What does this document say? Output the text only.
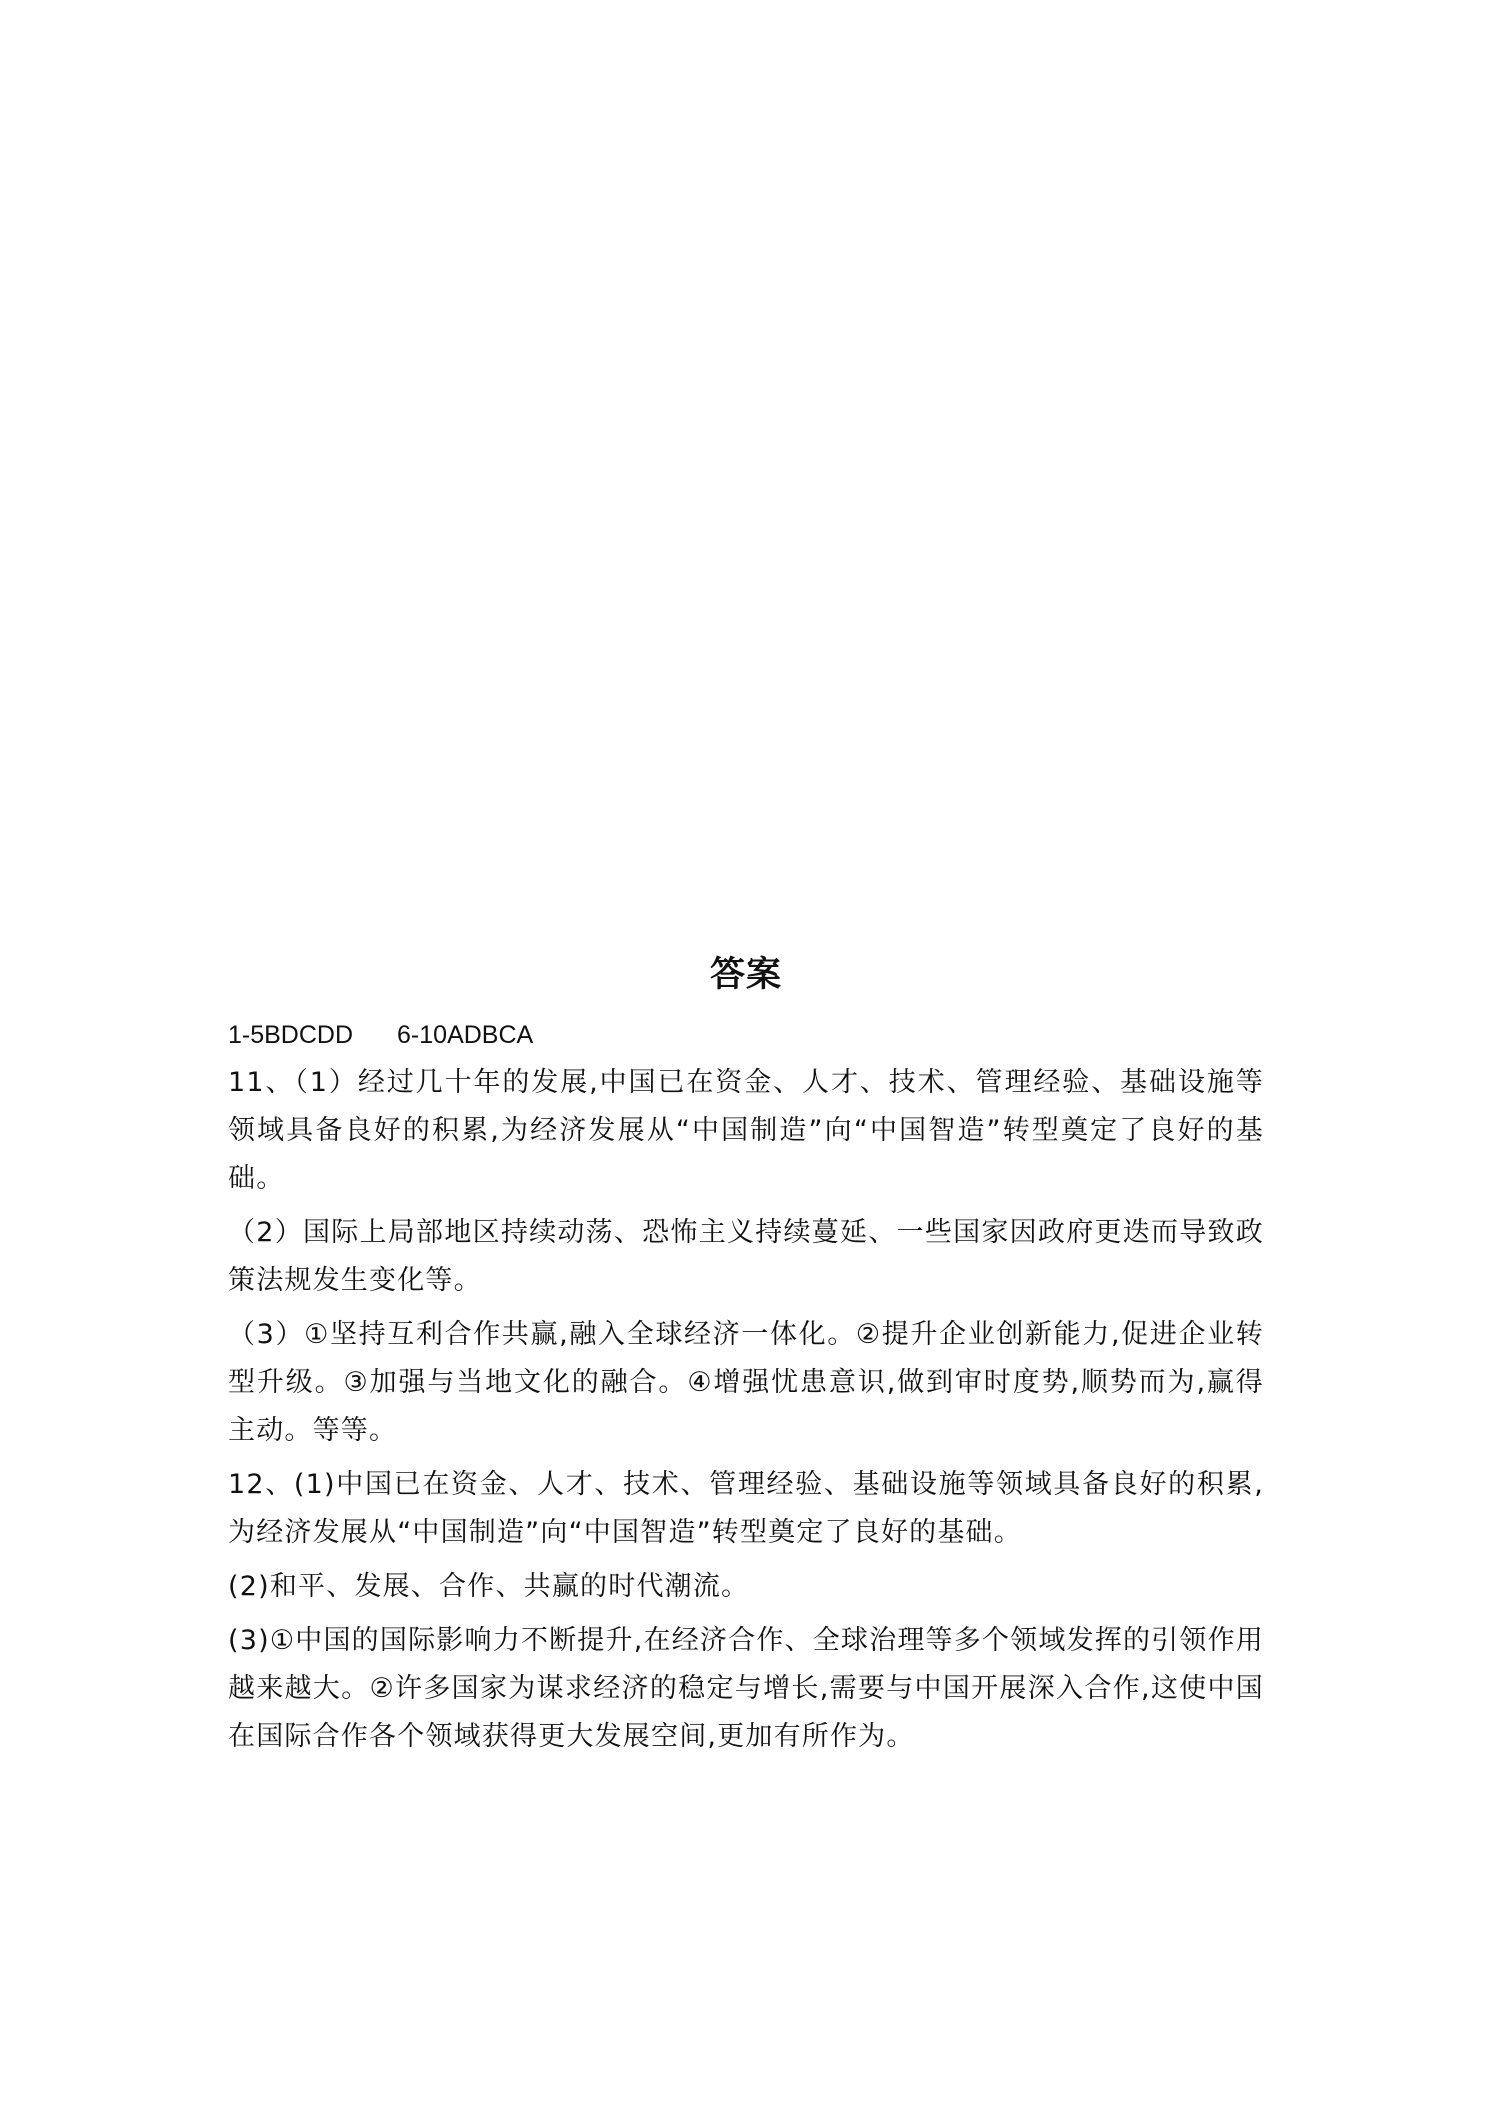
答案
1-5BDCDD 6-10ADBCA

11、（1）经过几十年的发展,中国已在资金、人才、技术、管理经验、基础设施等领域具备良好的积累,为经济发展从“中国制造”向“中国智造”转型奠定了良好的基础。

（2）国际上局部地区持续动荡、恐怖主义持续蔓延、一些国家因政府更迭而导致政策法规发生变化等。

（3）①坚持互利合作共赢,融入全球经济一体化。②提升企业创新能力,促进企业转型升级。③加强与当地文化的融合。④增强忧患意识,做到审时度势,顺势而为,赢得主动。等等。

12、(1)中国已在资金、人才、技术、管理经验、基础设施等领域具备良好的积累,为经济发展从“中国制造”向“中国智造”转型奠定了良好的基础。

(2)和平、发展、合作、共赢的时代潮流。

(3)①中国的国际影响力不断提升,在经济合作、全球治理等多个领域发挥的引领作用越来越大。②许多国家为谋求经济的稳定与增长,需要与中国开展深入合作,这使中国在国际合作各个领域获得更大发展空间,更加有所作为。
